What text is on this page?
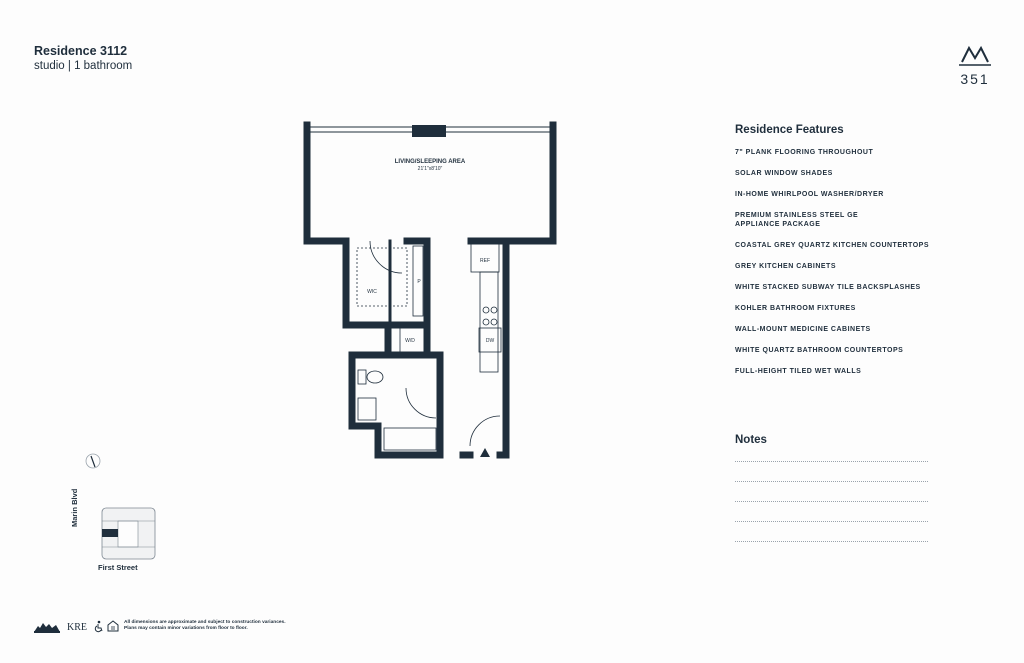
Residence 3112
studio | 1 bathroom
351
LIVING/SLEEPING AREA
21'1"x8'10"
WIC
P
W/D
REF
DW
Marin Blvd
First Street
Residence Features
7" PLANK FLOORING THROUGHOUT
SOLAR WINDOW SHADES
IN-HOME WHIRLPOOL WASHER/DRYER
PREMIUM STAINLESS STEEL GE APPLIANCE PACKAGE
COASTAL GREY QUARTZ KITCHEN COUNTERTOPS
GREY KITCHEN CABINETS
WHITE STACKED SUBWAY TILE BACKSPLASHES
KOHLER BATHROOM FIXTURES
WALL-MOUNT MEDICINE CABINETS
WHITE QUARTZ BATHROOM COUNTERTOPS
FULL-HEIGHT TILED WET WALLS
Notes
KRE	All dimensions are approximate and subject to construction variances. Plans may contain minor variations from floor to floor.
